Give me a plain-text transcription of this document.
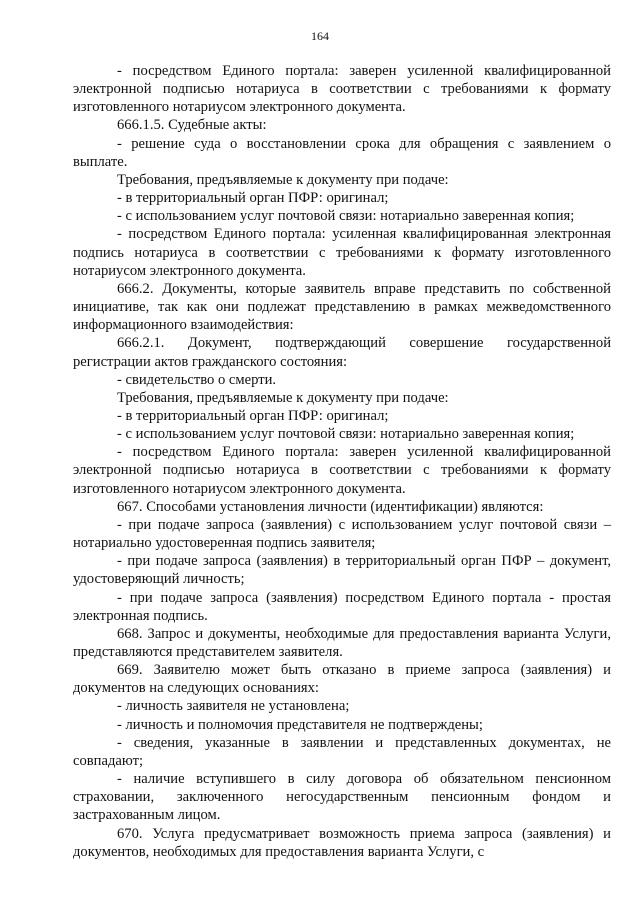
164

- посредством Единого портала: заверен усиленной квалифицированной электронной подписью нотариуса в соответствии с требованиями к формату изготовленного нотариусом электронного документа.

666.1.5. Судебные акты:

- решение суда о восстановлении срока для обращения с заявлением о выплате.

Требования, предъявляемые к документу при подаче:

- в территориальный орган ПФР: оригинал;

- с использованием услуг почтовой связи: нотариально заверенная копия;

- посредством Единого портала: усиленная квалифицированная электронная подпись нотариуса в соответствии с требованиями к формату изготовленного нотариусом электронного документа.

666.2. Документы, которые заявитель вправе представить по собственной инициативе, так как они подлежат представлению в рамках межведомственного информационного взаимодействия:

666.2.1. Документ, подтверждающий совершение государственной регистрации актов гражданского состояния:

- свидетельство о смерти.

Требования, предъявляемые к документу при подаче:

- в территориальный орган ПФР: оригинал;

- с использованием услуг почтовой связи: нотариально заверенная копия;

- посредством Единого портала: заверен усиленной квалифицированной электронной подписью нотариуса в соответствии с требованиями к формату изготовленного нотариусом электронного документа.

667. Способами установления личности (идентификации) являются:

- при подаче запроса (заявления) с использованием услуг почтовой связи – нотариально удостоверенная подпись заявителя;

- при подаче запроса (заявления) в территориальный орган ПФР – документ, удостоверяющий личность;

- при подаче запроса (заявления) посредством Единого портала - простая электронная подпись.

668. Запрос и документы, необходимые для предоставления варианта Услуги, представляются представителем заявителя.

669. Заявителю может быть отказано в приеме запроса (заявления) и документов на следующих основаниях:

- личность заявителя не установлена;

- личность и полномочия представителя не подтверждены;

- сведения, указанные в заявлении и представленных документах, не совпадают;

- наличие вступившего в силу договора об обязательном пенсионном страховании, заключенного негосударственным пенсионным фондом и застрахованным лицом.

670. Услуга предусматривает возможность приема запроса (заявления) и документов, необходимых для предоставления варианта Услуги, с
